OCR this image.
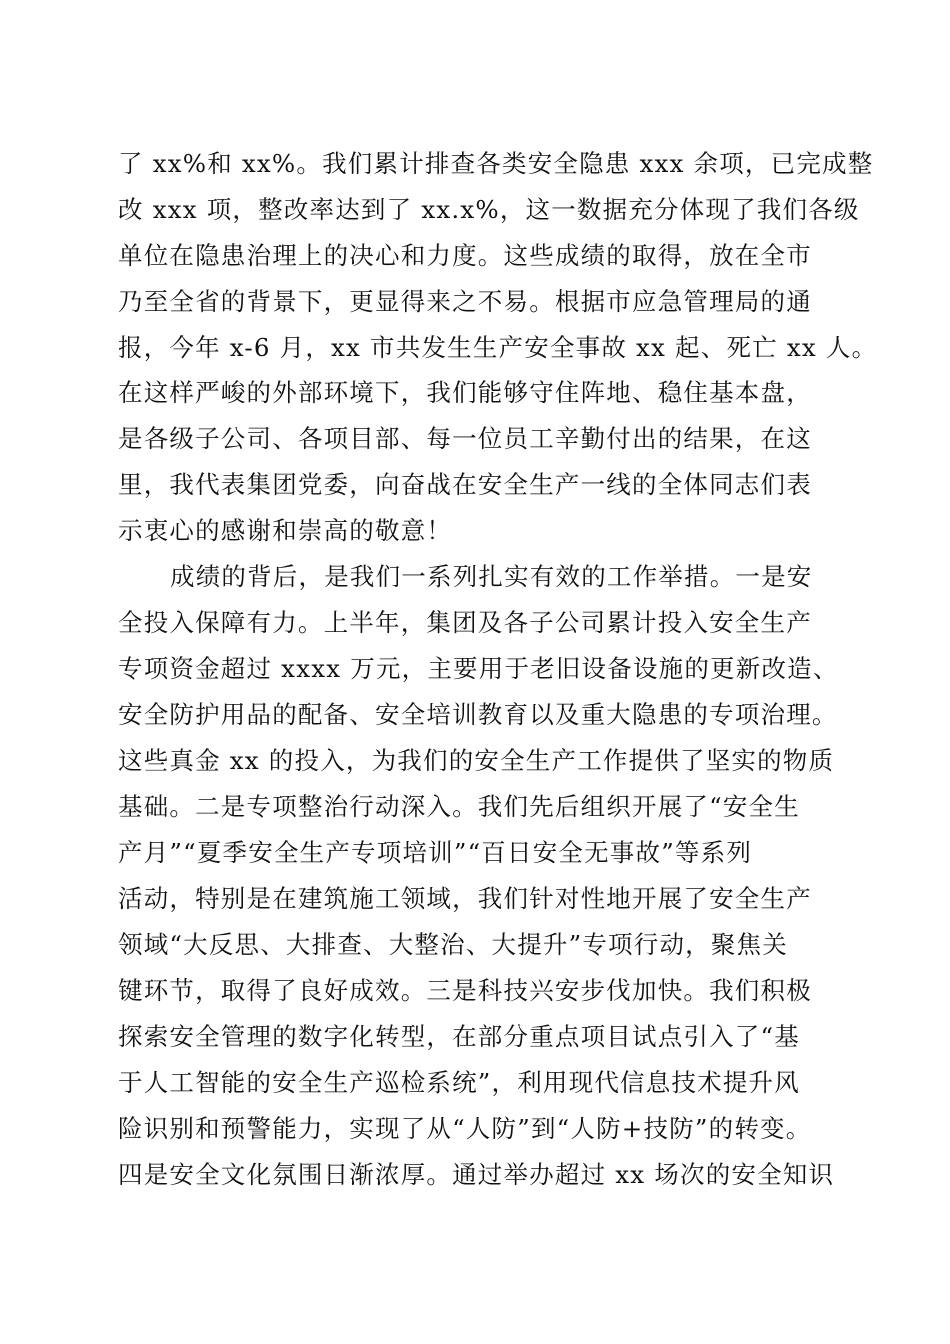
了 xx%和 xx%。我们累计排查各类安全隐患 xxx 余项，已完成整
改 xxx 项，整改率达到了 xx.x%，这一数据充分体现了我们各级
单位在隐患治理上的决心和力度。这些成绩的取得，放在全市
乃至全省的背景下，更显得来之不易。根据市应急管理局的通
报，今年 x-6 月，xx 市共发生生产安全事故 xx 起、死亡 xx 人。
在这样严峻的外部环境下，我们能够守住阵地、稳住基本盘，
是各级子公司、各项目部、每一位员工辛勤付出的结果，在这
里，我代表集团党委，向奋战在安全生产一线的全体同志们表
示衷心的感谢和崇高的敬意！
成绩的背后，是我们一系列扎实有效的工作举措。一是安
全投入保障有力。上半年，集团及各子公司累计投入安全生产
专项资金超过 xxxx 万元，主要用于老旧设备设施的更新改造、
安全防护用品的配备、安全培训教育以及重大隐患的专项治理。
这些真金 xx 的投入，为我们的安全生产工作提供了坚实的物质
基础。二是专项整治行动深入。我们先后组织开展了“安全生
产月”“夏季安全生产专项培训”“百日安全无事故”等系列
活动，特别是在建筑施工领域，我们针对性地开展了安全生产
领域“大反思、大排查、大整治、大提升”专项行动，聚焦关
键环节，取得了良好成效。三是科技兴安步伐加快。我们积极
探索安全管理的数字化转型，在部分重点项目试点引入了“基
于人工智能的安全生产巡检系统”，利用现代信息技术提升风
险识别和预警能力，实现了从“人防”到“人防+技防”的转变。
四是安全文化氛围日渐浓厚。通过举办超过 xx 场次的安全知识
